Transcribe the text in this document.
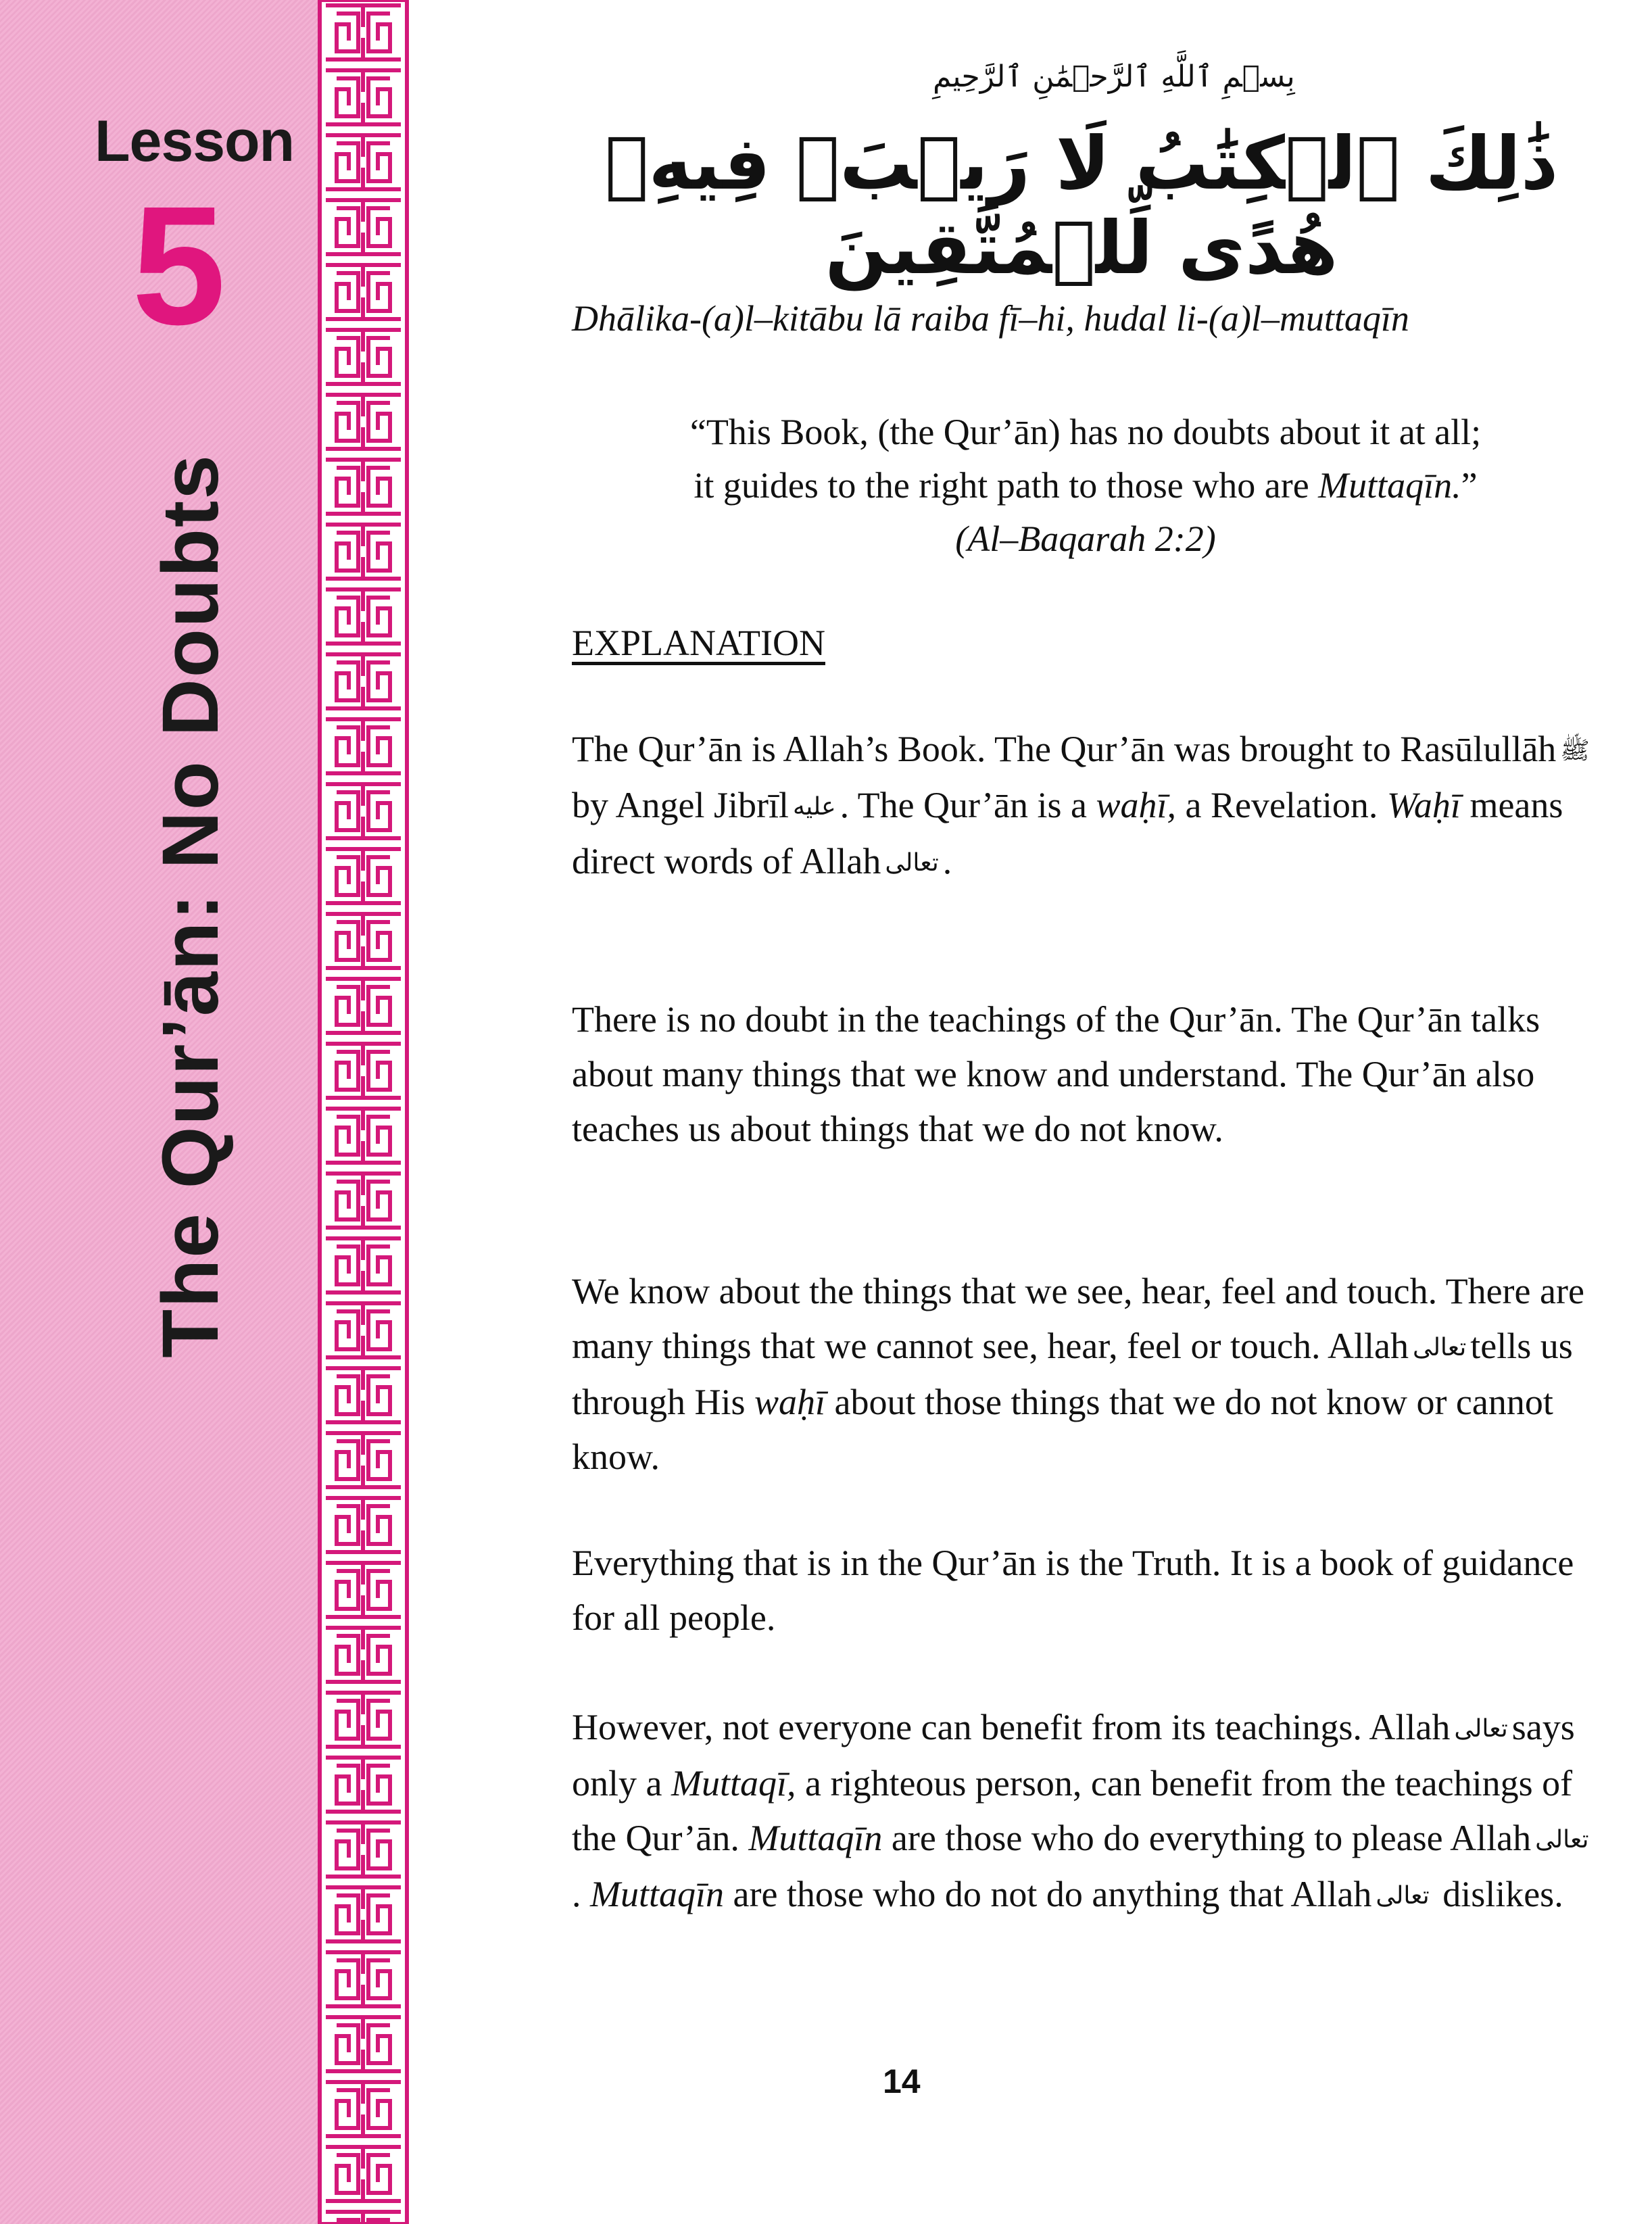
Lesson
5
The Qur’ān: No Doubts
بِسۡمِ ٱللَّهِ ٱلرَّحۡمَٰنِ ٱلرَّحِيمِ
ذَٰلِكَ ٱلۡكِتَٰبُ لَا رَيۡبَۛ فِيهِۛ هُدًى لِّلۡمُتَّقِينَ
Dhālika-(a)l–kitābu lā raiba fī–hi, hudal li-(a)l–muttaqīn
“This Book, (the Qur’ān) has no doubts about it at all;
it guides to the right path to those who are Muttaqīn.”
(Al–Baqarah 2:2)
EXPLANATION

The Qur’ān is Allah’s Book. The Qur’ān was brought to Rasūlullāh ﷺby Angel Jibrīl عليه . The Qur’ān is a waḥī, a Revelation. Waḥī means direct words of Allah تعالى .

There is no doubt in the teachings of the Qur’ān. The Qur’ān talks about many things that we know and understand. The Qur’ān also teaches us about things that we do not know.

We know about the things that we see, hear, feel and touch. There are many things that we cannot see, hear, feel or touch. Allah تعالى tells us through His waḥī about those things that we do not know or cannot know.

Everything that is in the Qur’ān is the Truth. It is a book of guidance for all people.

However, not everyone can benefit from its teachings. Allah تعالى says only a Muttaqī, a righteous person, can benefit from the teachings of the Qur’ān. Muttaqīn are those who do everything to please Allah تعالى. Muttaqīn are those who do not do anything that Allah تعالى dislikes.

14
